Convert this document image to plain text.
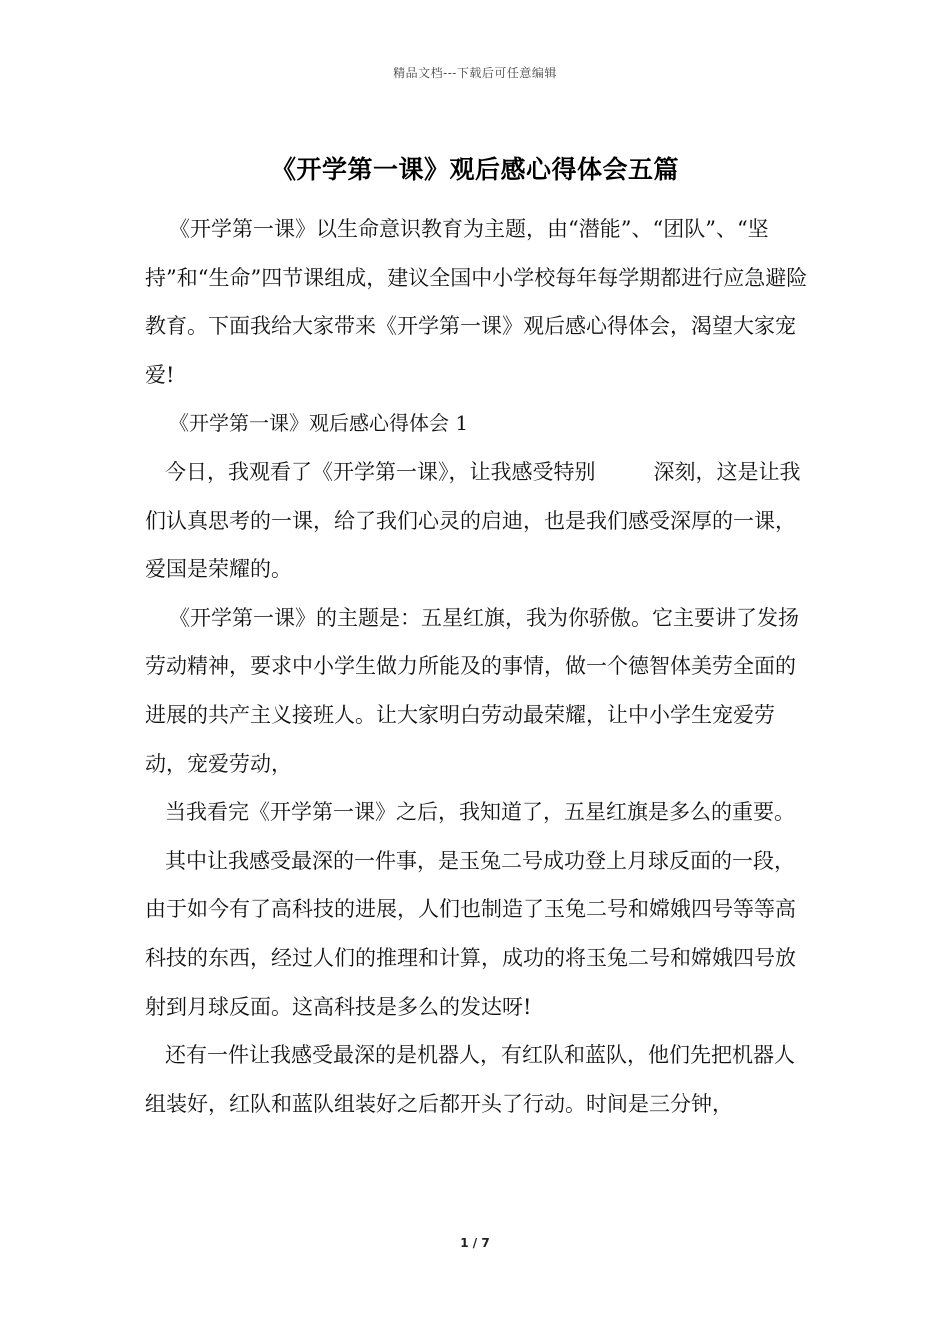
精品文档---下载后可任意编辑
《开学第一课》观后感心得体会五篇

《开学第一课》以生命意识教育为主题，由“潜能”、“团队”、“坚持”和“生命”四节课组成，建议全国中小学校每年每学期都进行应急避险教育。下面我给大家带来《开学第一课》观后感心得体会，渴望大家宠爱!

《开学第一课》观后感心得体会 1

今日，我观看了《开学第一课》，让我感受特别	深刻，这是让我们认真思考的一课，给了我们心灵的启迪，也是我们感受深厚的一课，爱国是荣耀的。

《开学第一课》的主题是：五星红旗，我为你骄傲。它主要讲了发扬劳动精神，要求中小学生做力所能及的事情，做一个德智体美劳全面的进展的共产主义接班人。让大家明白劳动最荣耀，让中小学生宠爱劳动，宠爱劳动，

当我看完《开学第一课》之后，我知道了，五星红旗是多么的重要。

其中让我感受最深的一件事，是玉兔二号成功登上月球反面的一段，由于如今有了高科技的进展，人们也制造了玉兔二号和嫦娥四号等等高科技的东西，经过人们的推理和计算，成功的将玉兔二号和嫦娥四号放射到月球反面。这高科技是多么的发达呀!

还有一件让我感受最深的是机器人，有红队和蓝队，他们先把机器人组装好，红队和蓝队组装好之后都开头了行动。时间是三分钟，

1 / 7
